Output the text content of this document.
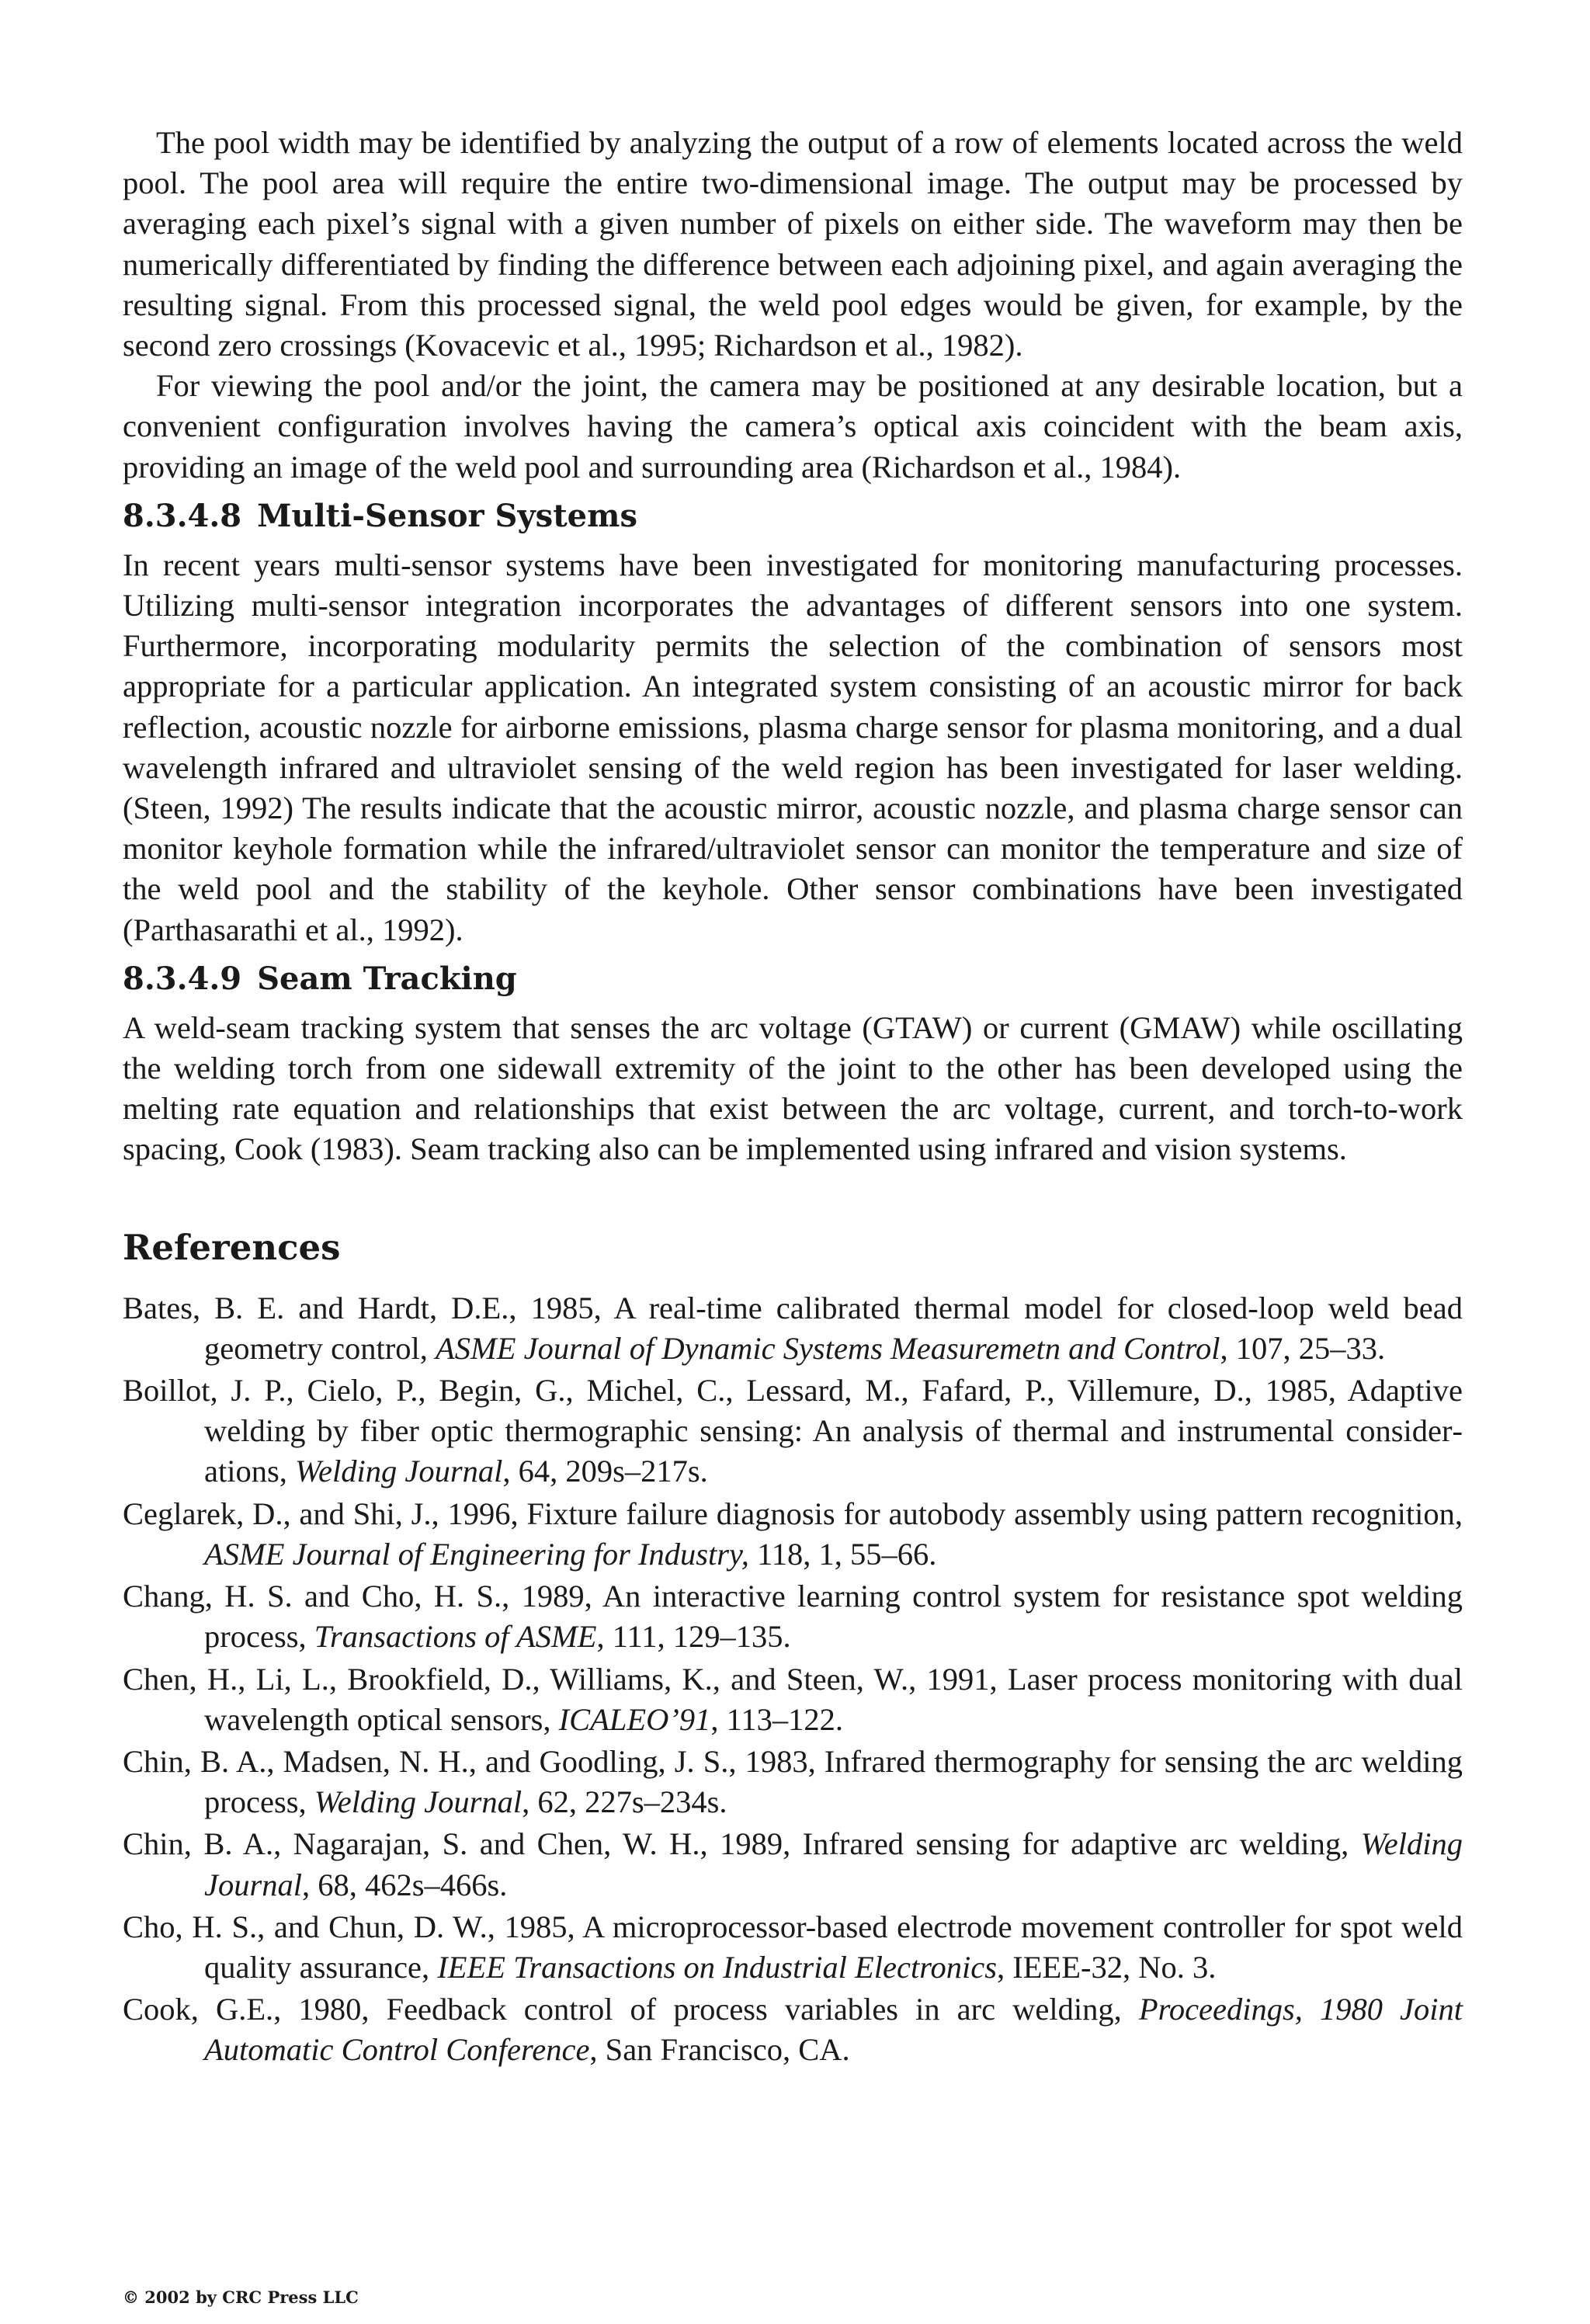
The pool width may be identified by analyzing the output of a row of elements located across the weld pool. The pool area will require the entire two-dimensional image. The output may be processed by averaging each pixel’s signal with a given number of pixels on either side. The waveform may then be numerically differentiated by finding the difference between each adjoining pixel, and again averaging the resulting signal. From this processed signal, the weld pool edges would be given, for example, by the second zero crossings (Kovacevic et al., 1995; Richardson et al., 1982).

For viewing the pool and/or the joint, the camera may be positioned at any desirable location, but a convenient configuration involves having the camera’s optical axis coincident with the beam axis, providing an image of the weld pool and surrounding area (Richardson et al., 1984).

8.3.4.8 Multi-Sensor Systems

In recent years multi-sensor systems have been investigated for monitoring manufacturing processes. Utilizing multi-sensor integration incorporates the advantages of different sensors into one system. Furthermore, incorporating modularity permits the selection of the combination of sensors most appropriate for a particular application. An integrated system consisting of an acoustic mirror for back reflection, acoustic nozzle for airborne emissions, plasma charge sensor for plasma monitoring, and a dual wavelength infrared and ultraviolet sensing of the weld region has been investigated for laser welding. (Steen, 1992) The results indicate that the acoustic mirror, acoustic nozzle, and plasma charge sensor can monitor keyhole formation while the infrared/ultraviolet sensor can monitor the temperature and size of the weld pool and the stability of the keyhole. Other sensor combinations have been investigated (Parthasarathi et al., 1992).

8.3.4.9 Seam Tracking

A weld-seam tracking system that senses the arc voltage (GTAW) or current (GMAW) while oscillating the welding torch from one sidewall extremity of the joint to the other has been developed using the melting rate equation and relationships that exist between the arc voltage, current, and torch-to-work spacing, Cook (1983). Seam tracking also can be implemented using infrared and vision systems.

References

Bates, B. E. and Hardt, D.E., 1985, A real-time calibrated thermal model for closed-loop weld bead geometry control, ASME Journal of Dynamic Systems Measuremetn and Control, 107, 25–33.

Boillot, J. P., Cielo, P., Begin, G., Michel, C., Lessard, M., Fafard, P., Villemure, D., 1985, Adaptive welding by fiber optic thermographic sensing: An analysis of thermal and instrumental considerations, Welding Journal, 64, 209s–217s.

Ceglarek, D., and Shi, J., 1996, Fixture failure diagnosis for autobody assembly using pattern recognition, ASME Journal of Engineering for Industry, 118, 1, 55–66.

Chang, H. S. and Cho, H. S., 1989, An interactive learning control system for resistance spot welding process, Transactions of ASME, 111, 129–135.

Chen, H., Li, L., Brookfield, D., Williams, K., and Steen, W., 1991, Laser process monitoring with dual wavelength optical sensors, ICALEO’91, 113–122.

Chin, B. A., Madsen, N. H., and Goodling, J. S., 1983, Infrared thermography for sensing the arc welding process, Welding Journal, 62, 227s–234s.

Chin, B. A., Nagarajan, S. and Chen, W. H., 1989, Infrared sensing for adaptive arc welding, Welding Journal, 68, 462s–466s.

Cho, H. S., and Chun, D. W., 1985, A microprocessor-based electrode movement controller for spot weld quality assurance, IEEE Transactions on Industrial Electronics, IEEE-32, No. 3.

Cook, G.E., 1980, Feedback control of process variables in arc welding, Proceedings, 1980 Joint Automatic Control Conference, San Francisco, CA.

© 2002 by CRC Press LLC
